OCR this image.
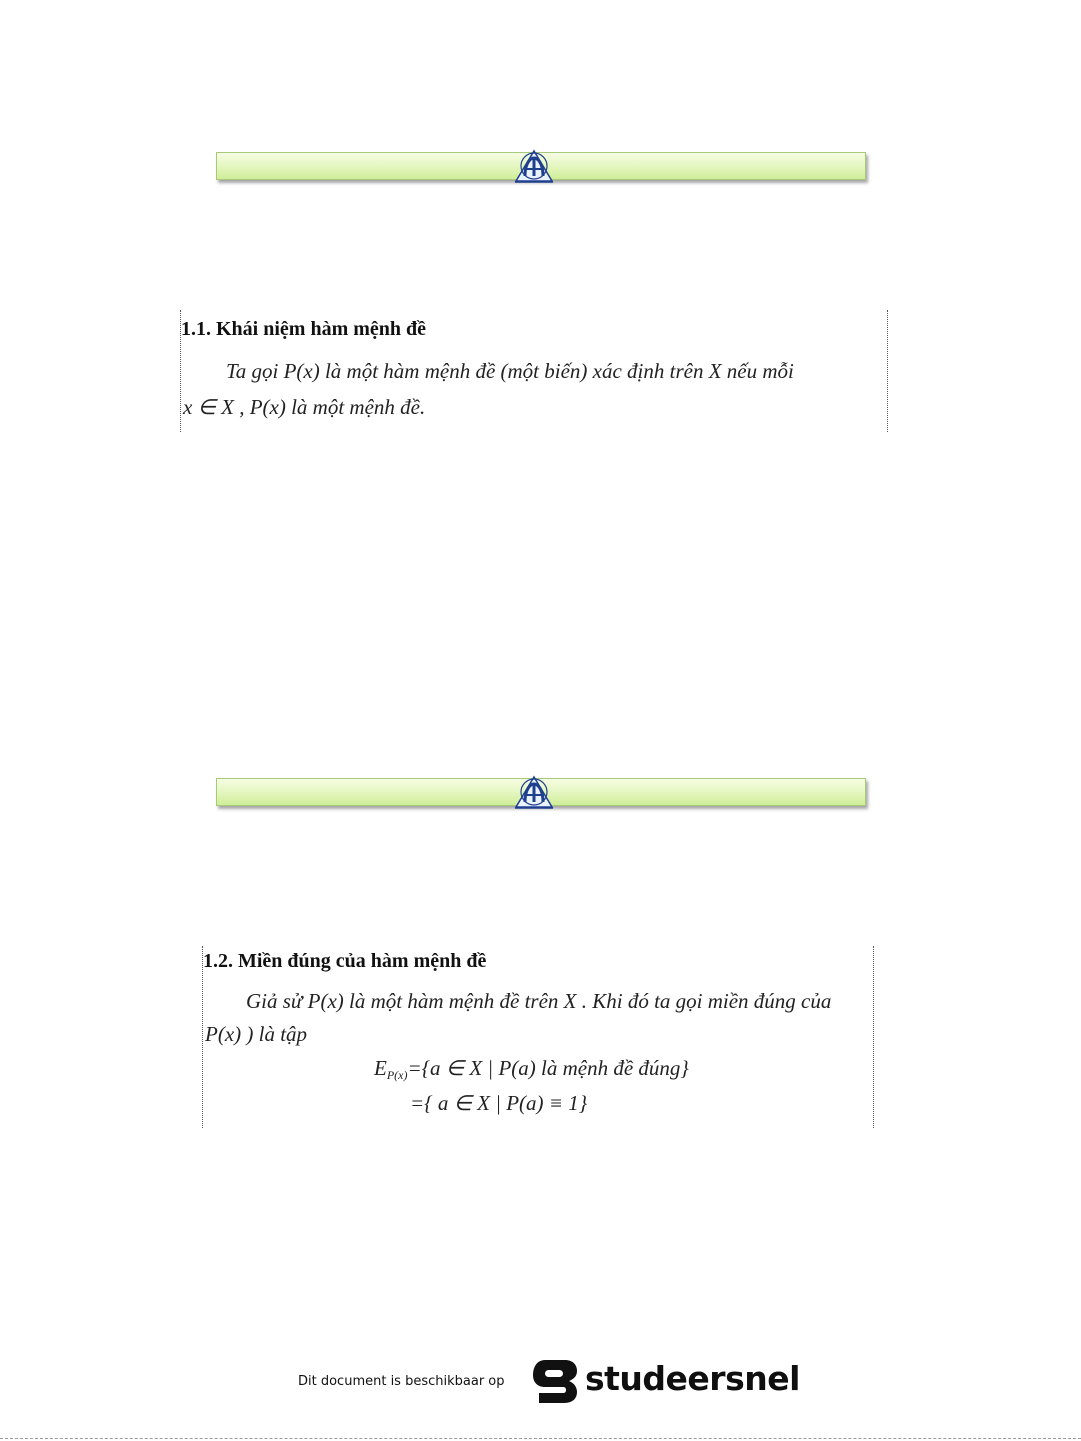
1.1. Khái niệm hàm mệnh đề
Ta gọi P(x) là một hàm mệnh đề (một biến) xác định trên X nếu mỗi
x ∈ X , P(x) là một mệnh đề.
1.2. Miền đúng của hàm mệnh đề
Giả sử P(x) là một hàm mệnh đề trên X . Khi đó ta gọi miền đúng của
P(x) ) là tập
$E_{P(x)}=\{a$ ∈ X | P(a) là mệnh đề đúng}
={ a ∈ X | P(a) ≡ 1}
Dit document is beschikbaar op studeersnel
